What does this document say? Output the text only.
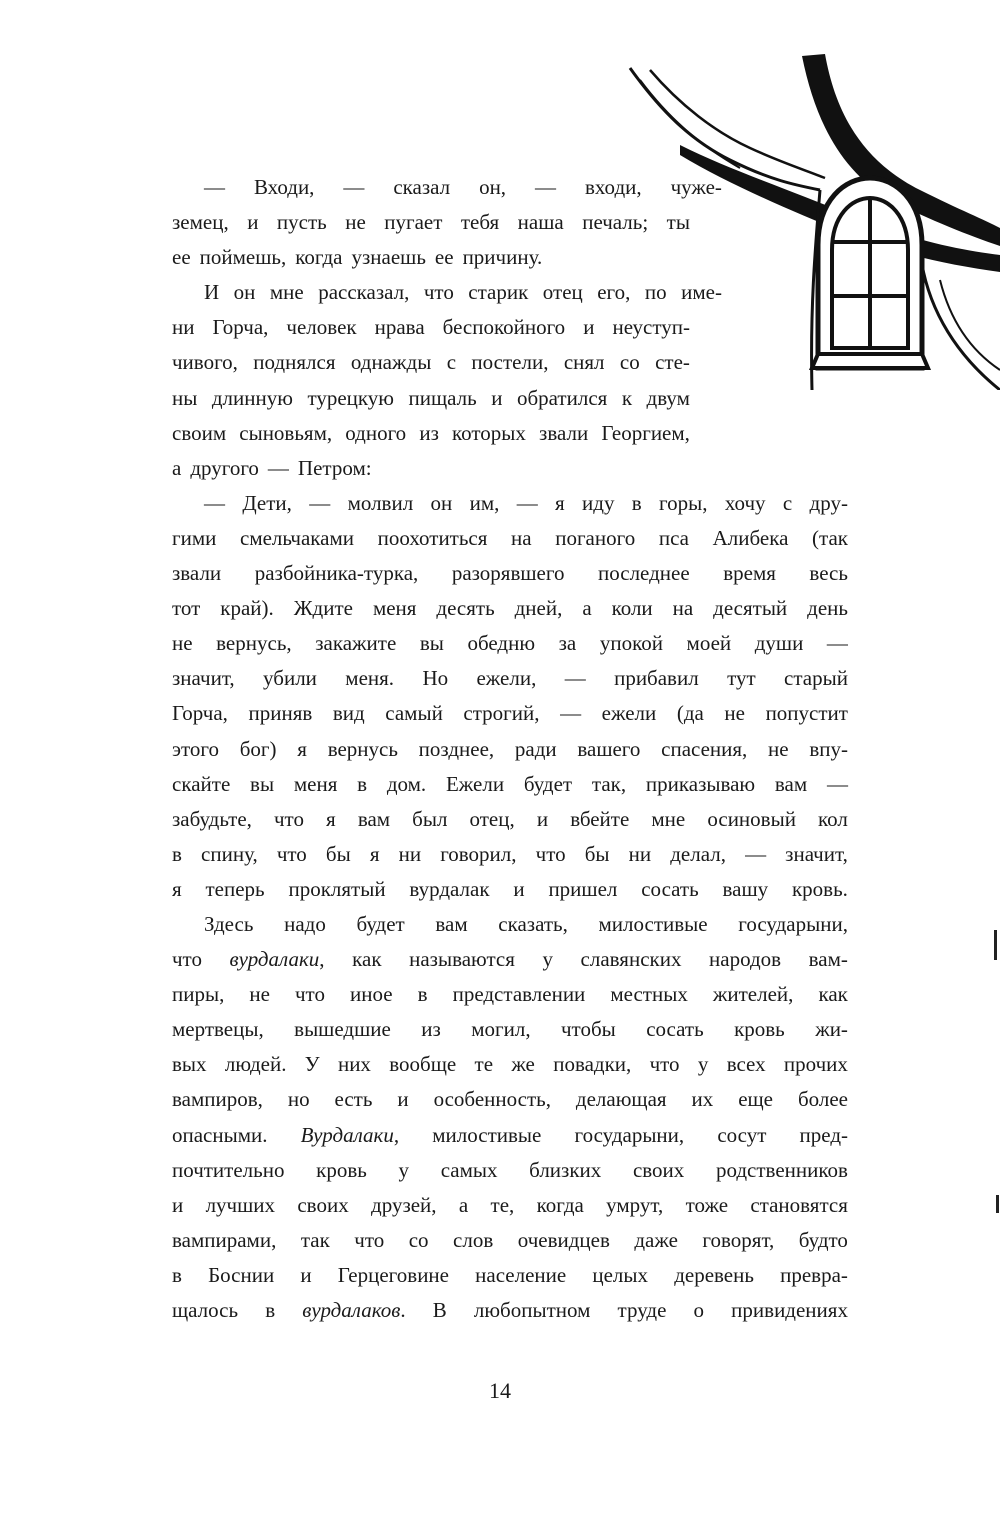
— Входи, — сказал он, — входи, чуже-
земец, и пусть не пугает тебя наша печаль; ты
ее поймешь, когда узнаешь ее причину.
И он мне рассказал, что старик отец его, по име-
ни Горча, человек нрава беспокойного и неуступ-
чивого, поднялся однажды с постели, снял со сте-
ны длинную турецкую пищаль и обратился к двум
своим сыновьям, одного из которых звали Георгием,
а другого — Петром:
— Дети, — молвил он им, — я иду в горы, хочу с дру-
гими смельчаками поохотиться на поганого пса Алибека (так
звали разбойника-турка, разорявшего последнее время весь
тот край). Ждите меня десять дней, а коли на десятый день
не вернусь, закажите вы обедню за упокой моей души —
значит, убили меня. Но ежели, — прибавил тут старый
Горча, приняв вид самый строгий, — ежели (да не попустит
этого бог) я вернусь позднее, ради вашего спасения, не впу-
скайте вы меня в дом. Ежели будет так, приказываю вам —
забудьте, что я вам был отец, и вбейте мне осиновый кол
в спину, что бы я ни говорил, что бы ни делал, — значит,
я теперь проклятый вурдалак и пришел сосать вашу кровь.
Здесь надо будет вам сказать, милостивые государыни,
что вурдалаки, как называются у славянских народов вам-
пиры, не что иное в представлении местных жителей, как
мертвецы, вышедшие из могил, чтобы сосать кровь жи-
вых людей. У них вообще те же повадки, что у всех прочих
вампиров, но есть и особенность, делающая их еще более
опасными. Вурдалаки, милостивые государыни, сосут пред-
почтительно кровь у самых близких своих родственников
и лучших своих друзей, а те, когда умрут, тоже становятся
вампирами, так что со слов очевидцев даже говорят, будто
в Боснии и Герцеговине население целых деревень превра-
щалось в вурдалаков. В любопытном труде о привидениях
14
